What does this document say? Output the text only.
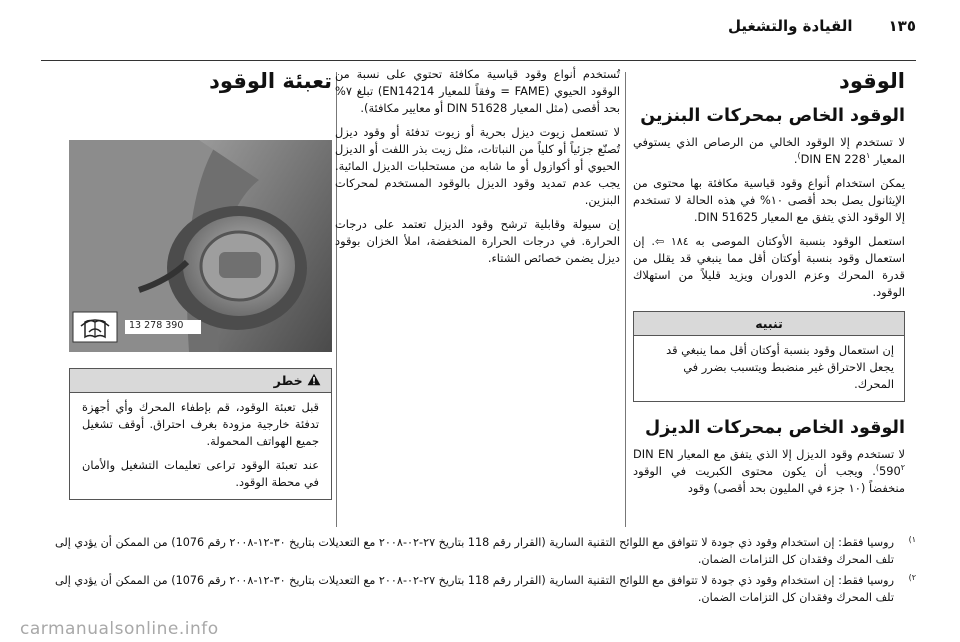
١٣٥
القيادة والتشغيل
الوقود
الوقود الخاص بمحركات البنزين

لا تستخدم إلا الوقود الخالي من الرصاص الذي يستوفي المعيار DIN EN 228$^{١)}$.

يمكن استخدام أنواع وقود قياسية مكافئة بها محتوى من الإيثانول يصل بحد أقصى ١٠% في هذه الحالة لا تستخدم إلا الوقود الذي يتفق مع المعيار DIN 51625.

استعمل الوقود بنسبة الأوكتان الموصى به ١٨٤ ⇦. إن استعمال وقود بنسبة أوكتان أقل مما ينبغي قد يقلل من قدرة المحرك وعزم الدوران ويزيد قليلاً من استهلاك الوقود.

تنبيه
إن استعمال وقود بنسبة أوكتان أقل مما ينبغي قد يجعل الاحتراق غير منضبط ويتسبب بضرر في المحرك.
الوقود الخاص بمحركات الديزل

لا تستخدم وقود الديزل إلا الذي يتفق مع المعيار DIN EN 590$^{٢)}$. ويجب أن يكون محتوى الكبريت في الوقود منخفضاً (١٠ جزء في المليون بحد أقصى) وقود

تُستخدم أنواع وقود قياسية مكافئة تحتوي على نسبة من الوقود الحيوي (FAME = وفقاً للمعيار EN14214) تبلغ ٧% بحد أقصى (مثل المعيار DIN 51628 أو معايير مكافئة).

لا تستعمل زيوت ديزل بحرية أو زيوت تدفئة أو وقود ديزل تُصنّع جزئياً أو كلياً من النباتات، مثل زيت بذر اللفت أو الديزل الحيوي أو أكوازول أو ما شابه من مستحلبات الديزل المائية. يجب عدم تمديد وقود الديزل بالوقود المستخدم لمحركات البنزين.

إن سيولة وقابلية ترشح وقود الديزل تعتمد على درجات الحرارة. في درجات الحرارة المنخفضة، املأ الخزان بوقود ديزل يضمن خصائص الشتاء.

تعبئة الوقود
13 278 390
خطر

قبل تعبئة الوقود، قم بإطفاء المحرك وأي أجهزة تدفئة خارجية مزودة بغرف احتراق. أوقف تشغيل جميع الهواتف المحمولة.

عند تعبئة الوقود تراعى تعليمات التشغيل والأمان في محطة الوقود.

١)
روسيا فقط: إن استخدام وقود ذي جودة لا تتوافق مع اللوائح التقنية السارية (القرار رقم 118 بتاريخ ٢٧-٠٢-٢٠٠٨ مع التعديلات بتاريخ ٣٠-١٢-٢٠٠٨ رقم 1076) من الممكن أن يؤدي إلى تلف المحرك وفقدان كل التزامات الضمان.
٢)
روسيا فقط: إن استخدام وقود ذي جودة لا تتوافق مع اللوائح التقنية السارية (القرار رقم 118 بتاريخ ٢٧-٠٢-٢٠٠٨ مع التعديلات بتاريخ ٣٠-١٢-٢٠٠٨ رقم 1076) من الممكن أن يؤدي إلى تلف المحرك وفقدان كل التزامات الضمان.
carmanualsonline.info
